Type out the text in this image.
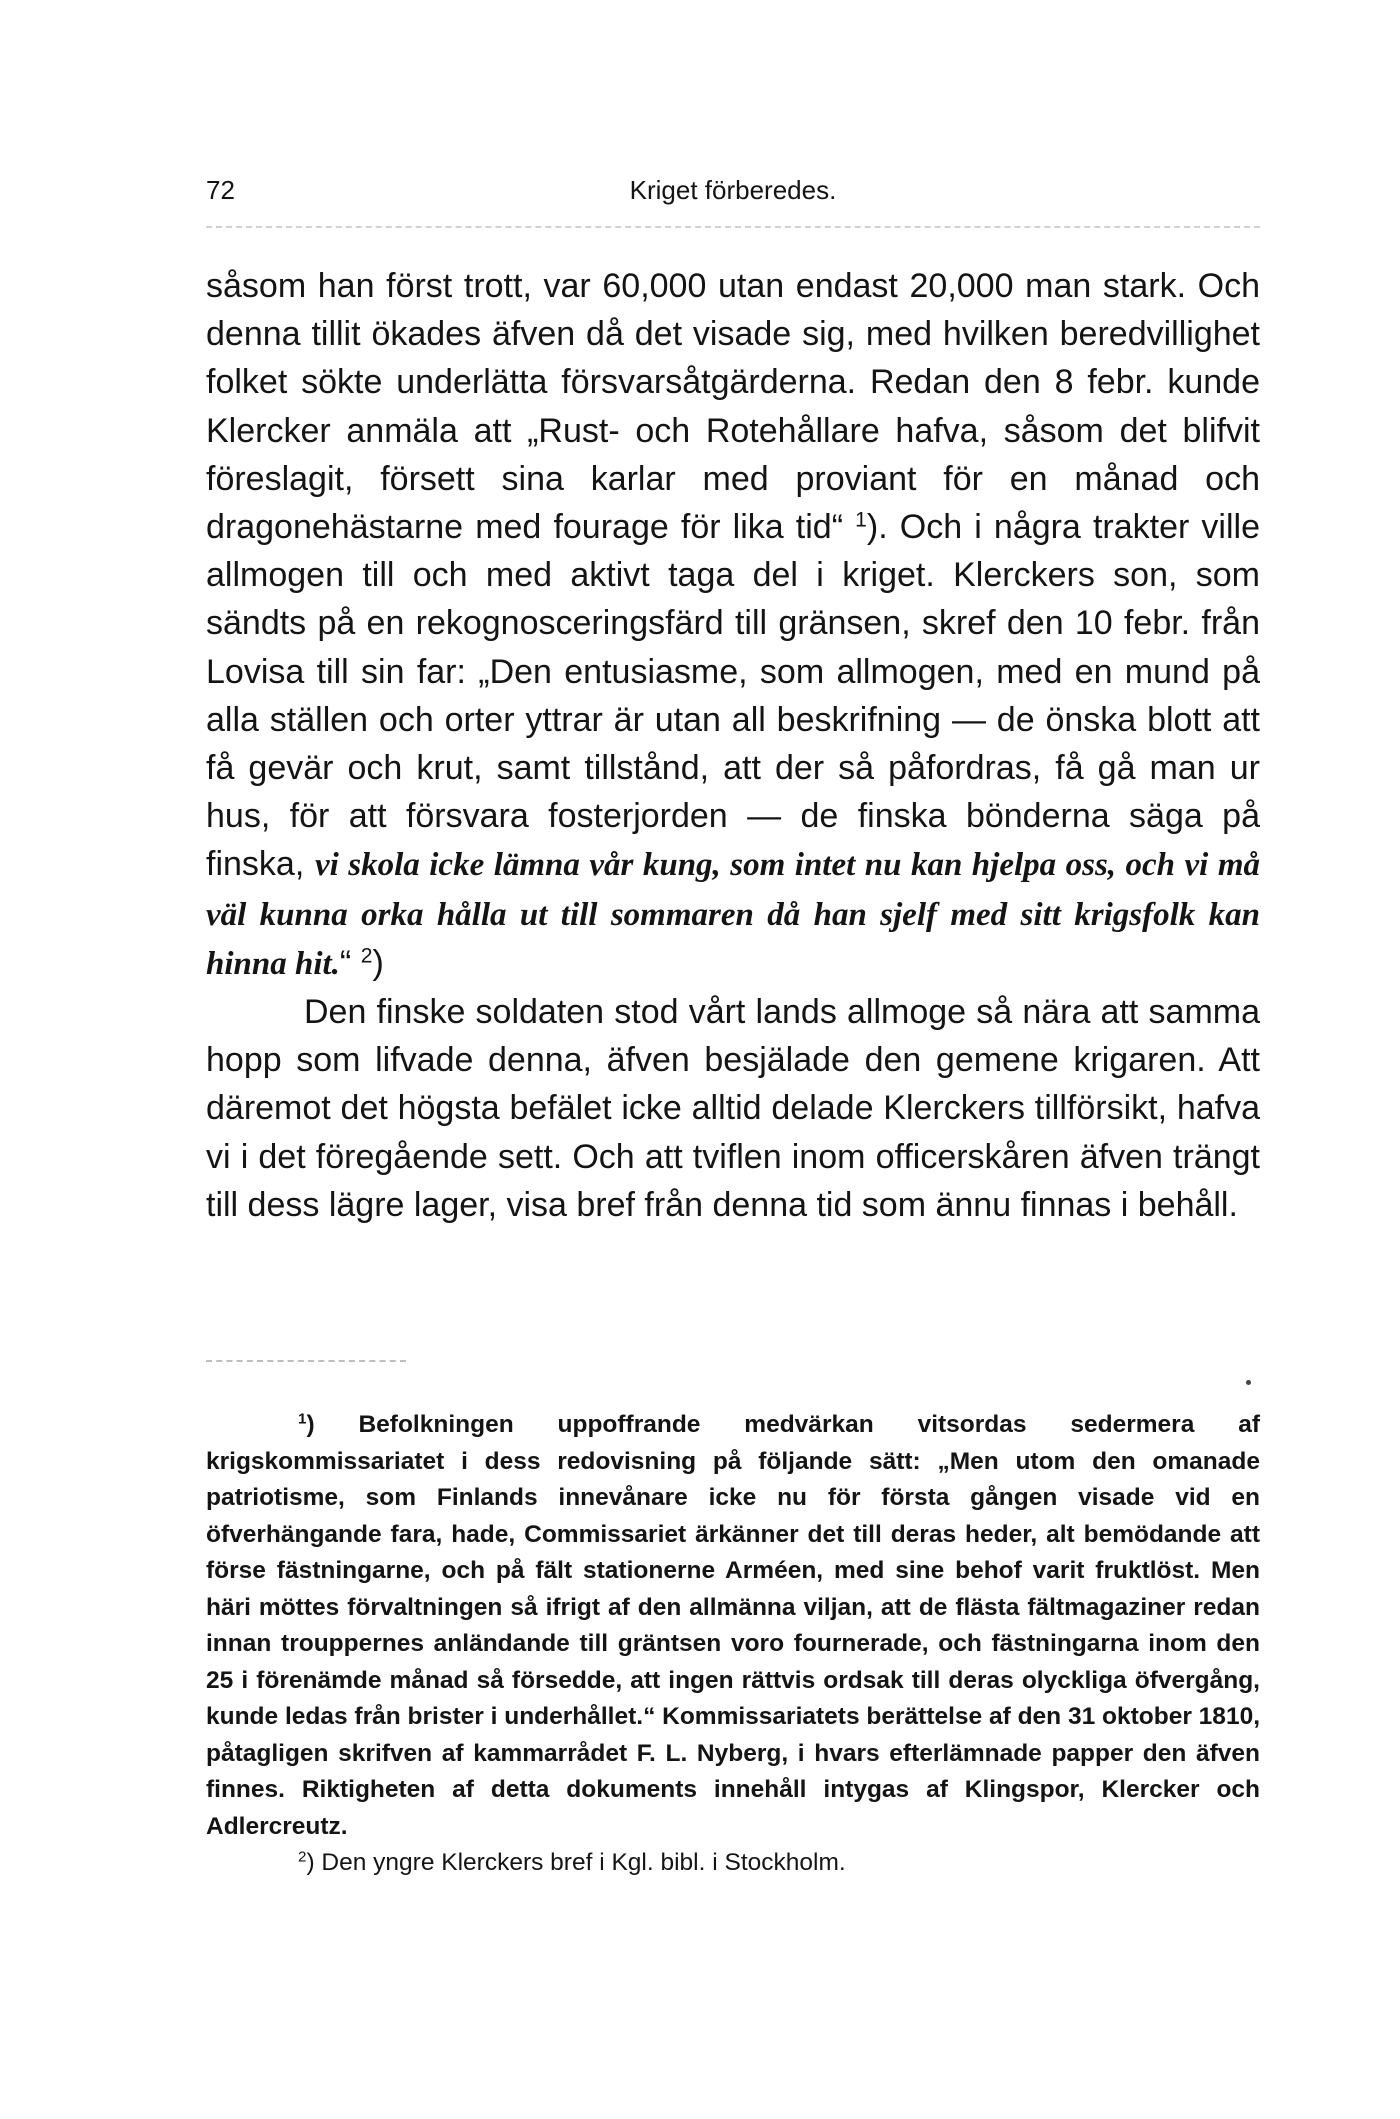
72	Kriget förberedes.

såsom han först trott, var 60,000 utan endast 20,000 man stark. Och denna tillit ökades äfven då det visade sig, med hvilken beredvillighet folket sökte underlätta försvarsåtgärderna. Redan den 8 febr. kunde Klercker anmäla att „Rust- och Rotehållare hafva, såsom det blifvit föreslagit, försett sina karlar med proviant för en månad och dragonehästarne med fourage för lika tid“ $^1$). Och i några trakter ville allmogen till och med aktivt taga del i kriget. Klerckers son, som sändts på en rekognosceringsfärd till gränsen, skref den 10 febr. från Lovisa till sin far: „Den entusiasme, som allmogen, med en mund på alla ställen och orter yttrar är utan all beskrifning — de önska blott att få gevär och krut, samt tillstånd, att der så påfordras, få gå man ur hus, för att försvara fosterjorden — de finska bönderna säga på finska, vi skola icke lämna vår kung, som intet nu kan hjelpa oss, och vi må väl kunna orka hålla ut till sommaren då han sjelf med sitt krigsfolk kan hinna hit.“ $^2$)

Den finske soldaten stod vårt lands allmoge så nära att samma hopp som lifvade denna, äfven besjälade den gemene krigaren. Att däremot det högsta befälet icke alltid delade Klerckers tillförsikt, hafva vi i det föregående sett. Och att tviflen inom officerskåren äfven trängt till dess lägre lager, visa bref från denna tid som ännu finnas i behåll.

$^1$) Befolkningen uppoffrande medvärkan vitsordas sedermera af krigskommissariatet i dess redovisning på följande sätt: „Men utom den omanade patriotisme, som Finlands innevånare icke nu för första gången visade vid en öfverhängande fara, hade, Commissariet ärkänner det till deras heder, alt bemödande att förse fästningarne, och på fält stationerne Arméen, med sine behof varit fruktlöst. Men häri möttes förvaltningen så ifrigt af den allmänna viljan, att de flästa fältmagaziner redan innan trouppernes anländande till gräntsen voro fournerade, och fästningarna inom den 25 i förenämde månad så försedde, att ingen rättvis ordsak till deras olyckliga öfvergång, kunde ledas från brister i underhållet.“ Kommissariatets berättelse af den 31 oktober 1810, påtagligen skrifven af kammarrådet F. L. Nyberg, i hvars efterlämnade papper den äfven finnes. Riktigheten af detta dokuments innehåll intygas af Klingspor, Klercker och Adlercreutz.

$^2$) Den yngre Klerckers bref i Kgl. bibl. i Stockholm.
